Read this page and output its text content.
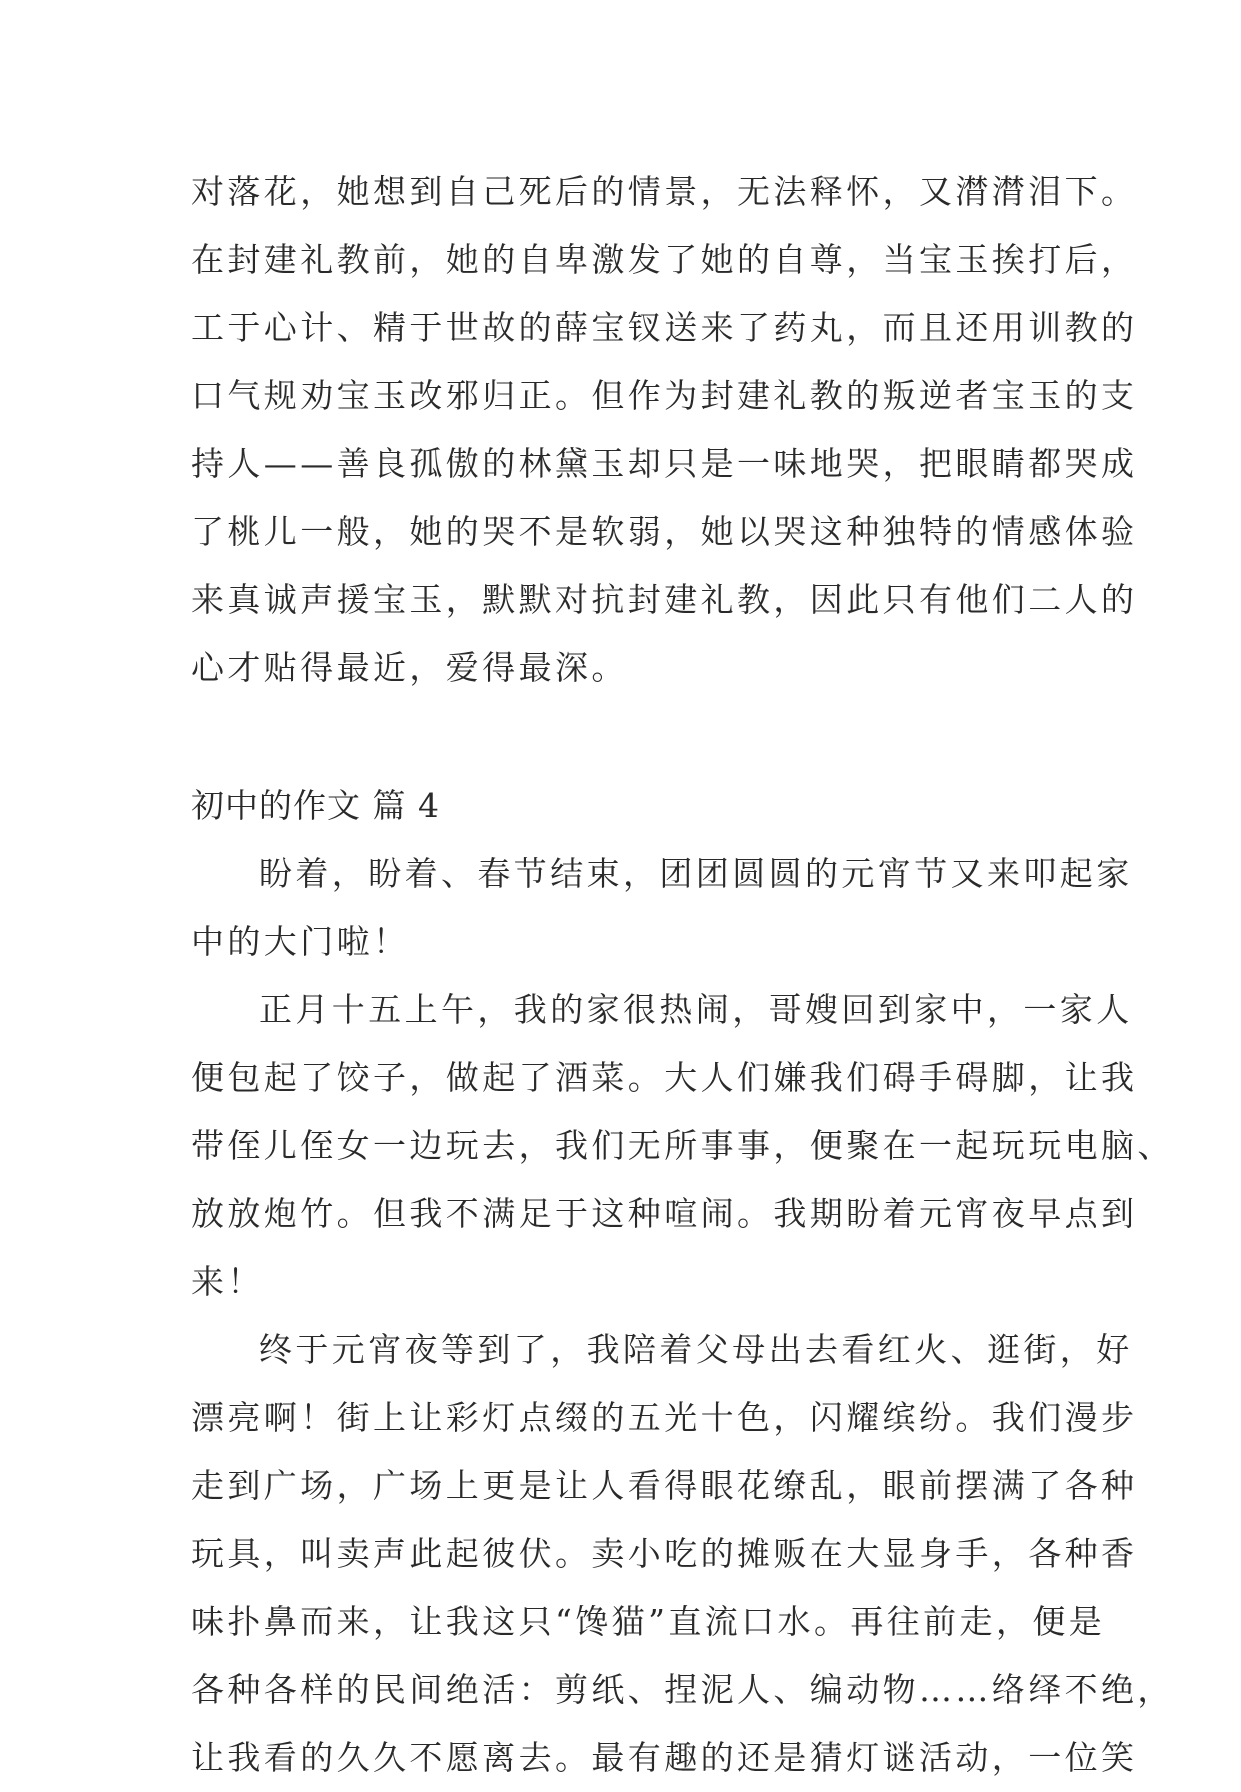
对落花，她想到自己死后的情景，无法释怀，又潸潸泪下。
在封建礼教前，她的自卑激发了她的自尊，当宝玉挨打后，
工于心计、精于世故的薛宝钗送来了药丸，而且还用训教的
口气规劝宝玉改邪归正。但作为封建礼教的叛逆者宝玉的支
持人——善良孤傲的林黛玉却只是一味地哭，把眼睛都哭成
了桃儿一般，她的哭不是软弱，她以哭这种独特的情感体验
来真诚声援宝玉，默默对抗封建礼教，因此只有他们二人的
心才贴得最近，爱得最深。
初中的作文 篇 4
盼着，盼着、春节结束，团团圆圆的元宵节又来叩起家
中的大门啦！
正月十五上午，我的家很热闹，哥嫂回到家中，一家人
便包起了饺子，做起了酒菜。大人们嫌我们碍手碍脚，让我
带侄儿侄女一边玩去，我们无所事事，便聚在一起玩玩电脑、
放放炮竹。但我不满足于这种喧闹。我期盼着元宵夜早点到
来！
终于元宵夜等到了，我陪着父母出去看红火、逛街，好
漂亮啊！街上让彩灯点缀的五光十色，闪耀缤纷。我们漫步
走到广场，广场上更是让人看得眼花缭乱，眼前摆满了各种
玩具，叫卖声此起彼伏。卖小吃的摊贩在大显身手，各种香
味扑鼻而来，让我这只“馋猫”直流口水。再往前走，便是
各种各样的民间绝活：剪纸、捏泥人、编动物……络绎不绝，
让我看的久久不愿离去。最有趣的还是猜灯谜活动，一位笑
